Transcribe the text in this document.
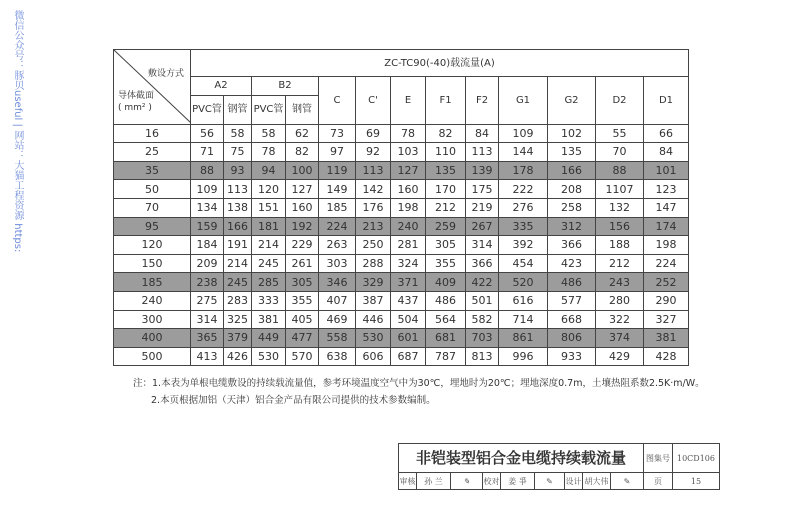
微信公众号：豚贝useful | 网站：大猫工程资源 https:	敷设方式
导体截面
( mm² )	ZC-TC90(-40)载流量(A)												
	A2		B2		C	C'	E	F1	F2	G1	G2	D2	D1
	PVC管	钢管	PVC管	钢管									
16	56	58	58	62	73	69	78	82	84	109	102	55	66
25	71	75	78	82	97	92	103	110	113	144	135	70	84
35	88	93	94	100	119	113	127	135	139	178	166	88	101
50	109	113	120	127	149	142	160	170	175	222	208	1107	123
70	134	138	151	160	185	176	198	212	219	276	258	132	147
95	159	166	181	192	224	213	240	259	267	335	312	156	174
120	184	191	214	229	263	250	281	305	314	392	366	188	198
150	209	214	245	261	303	288	324	355	366	454	423	212	224
185	238	245	285	305	346	329	371	409	422	520	486	243	252
240	275	283	333	355	407	387	437	486	501	616	577	280	290
300	314	325	381	405	469	446	504	564	582	714	668	322	327
400	365	379	449	477	558	530	601	681	703	861	806	374	381
500	413	426	530	570	638	606	687	787	813	996	933	429	428
注：1.本表为单根电缆敷设的持续载流量值，参考环境温度空气中为30℃，埋地时为20℃；埋地深度0.7m，土壤热阻系数2.5K·m/W。
2.本页根据加铝（天津）铝合金产品有限公司提供的技术参数编制。
非铠装型铝合金电缆持续载流量	图集号 10CD106
审核	孙 兰	✎	校对	姜 爭	✎	设计 胡大伟	✎	页	15
